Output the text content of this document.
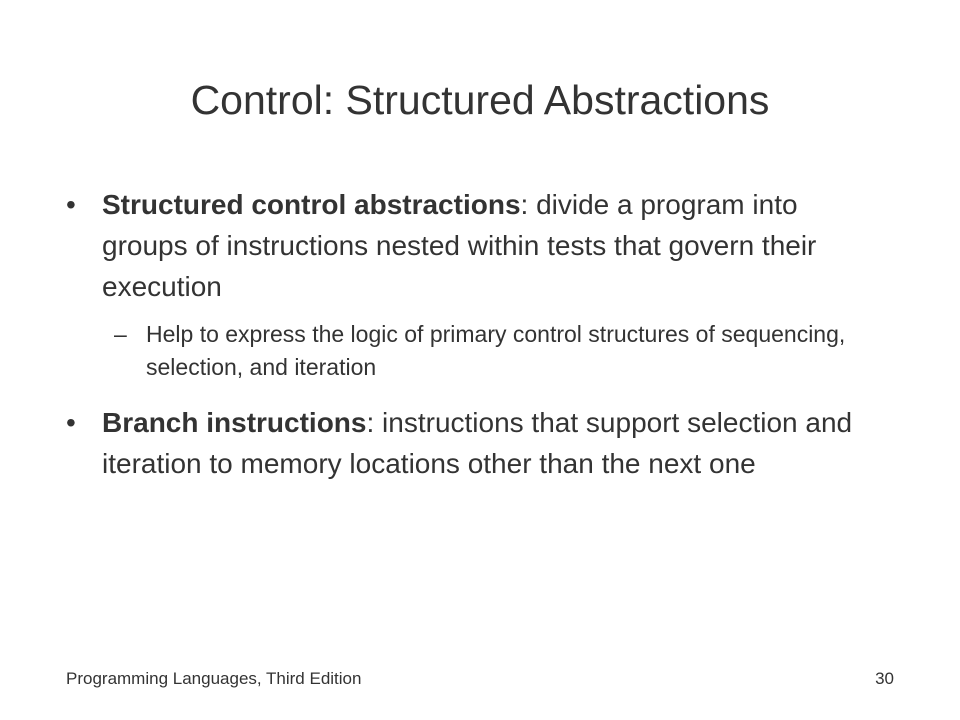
Control: Structured Abstractions
• Structured control abstractions: divide a program into groups of instructions nested within tests that govern their execution
– Help to express the logic of primary control structures of sequencing, selection, and iteration
• Branch instructions: instructions that support selection and iteration to memory locations other than the next one
Programming Languages, Third Edition	30
